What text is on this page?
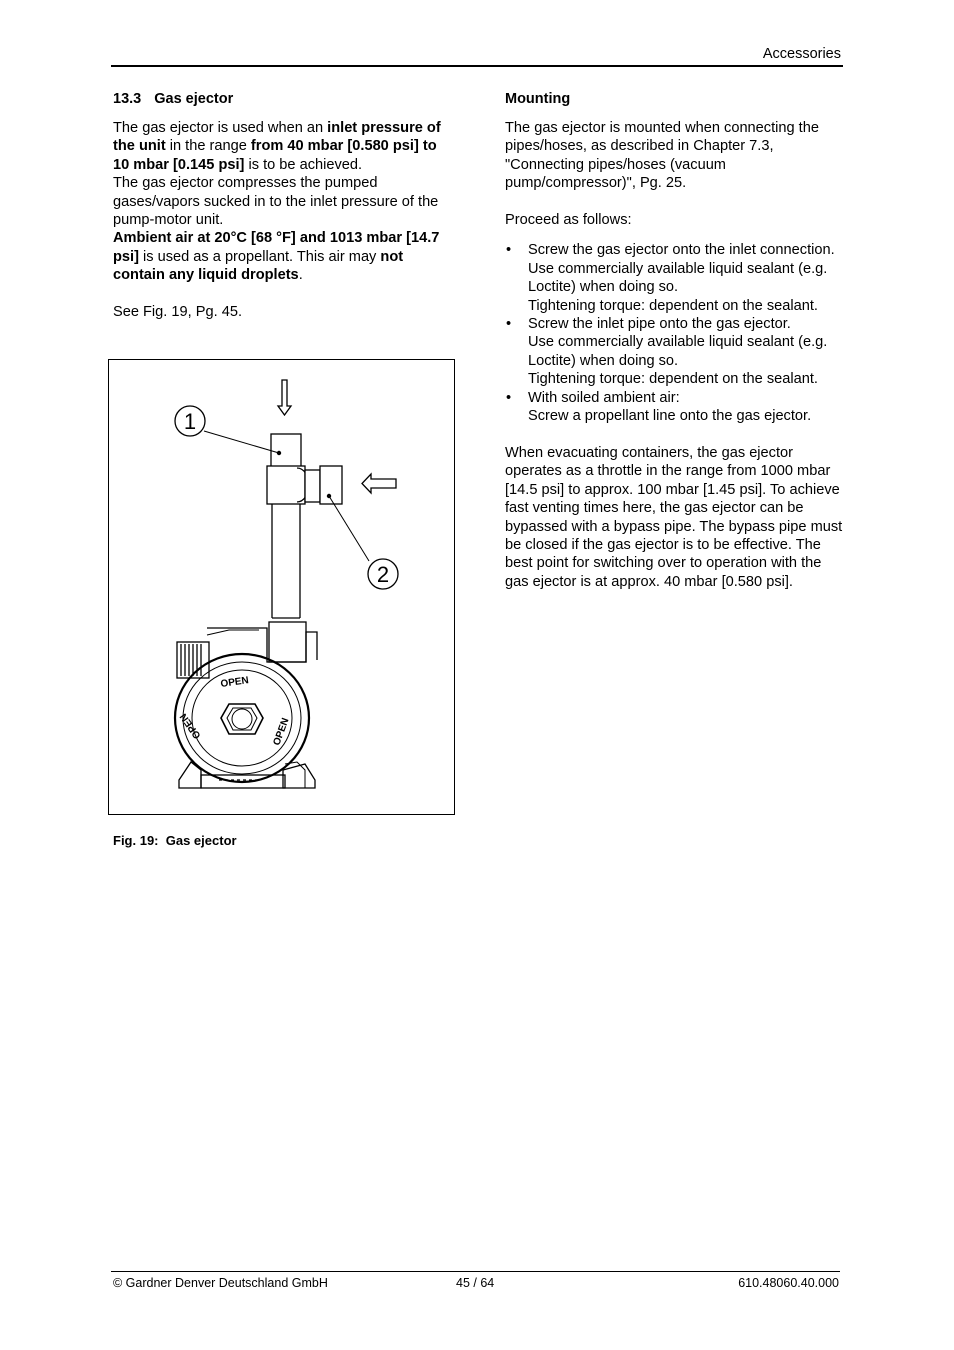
Accessories
13.3 Gas ejector

The gas ejector is used when an inlet pressure of the unit in the range from 40 mbar [0.580 psi] to 10 mbar [0.145 psi] is to be achieved.

The gas ejector compresses the pumped gases/vapors sucked in to the inlet pressure of the pump-motor unit.

Ambient air at 20°C [68 °F] and 1013 mbar [14.7 psi] is used as a propellant. This air may not contain any liquid droplets.

See Fig. 19, Pg. 45.

1
2
OPEN
OPEN	OPEN
Fig. 19: Gas ejector
Mounting

The gas ejector is mounted when connecting the pipes/hoses, as described in Chapter 7.3, "Connecting pipes/hoses (vacuum pump/compressor)", Pg. 25.

Proceed as follows:

• Screw the gas ejector onto the inlet connection.
Use commercially available liquid sealant (e.g. Loctite) when doing so.
Tightening torque: dependent on the sealant.
• Screw the inlet pipe onto the gas ejector.
Use commercially available liquid sealant (e.g. Loctite) when doing so.
Tightening torque: dependent on the sealant.
• With soiled ambient air:
Screw a propellant line onto the gas ejector.

When evacuating containers, the gas ejector operates as a throttle in the range from 1000 mbar [14.5 psi] to approx. 100 mbar [1.45 psi]. To achieve fast venting times here, the gas ejector can be bypassed with a bypass pipe. The bypass pipe must be closed if the gas ejector is to be effective. The best point for switching over to operation with the gas ejector is at approx. 40 mbar [0.580 psi].

© Gardner Denver Deutschland GmbH	45 / 64	610.48060.40.000
